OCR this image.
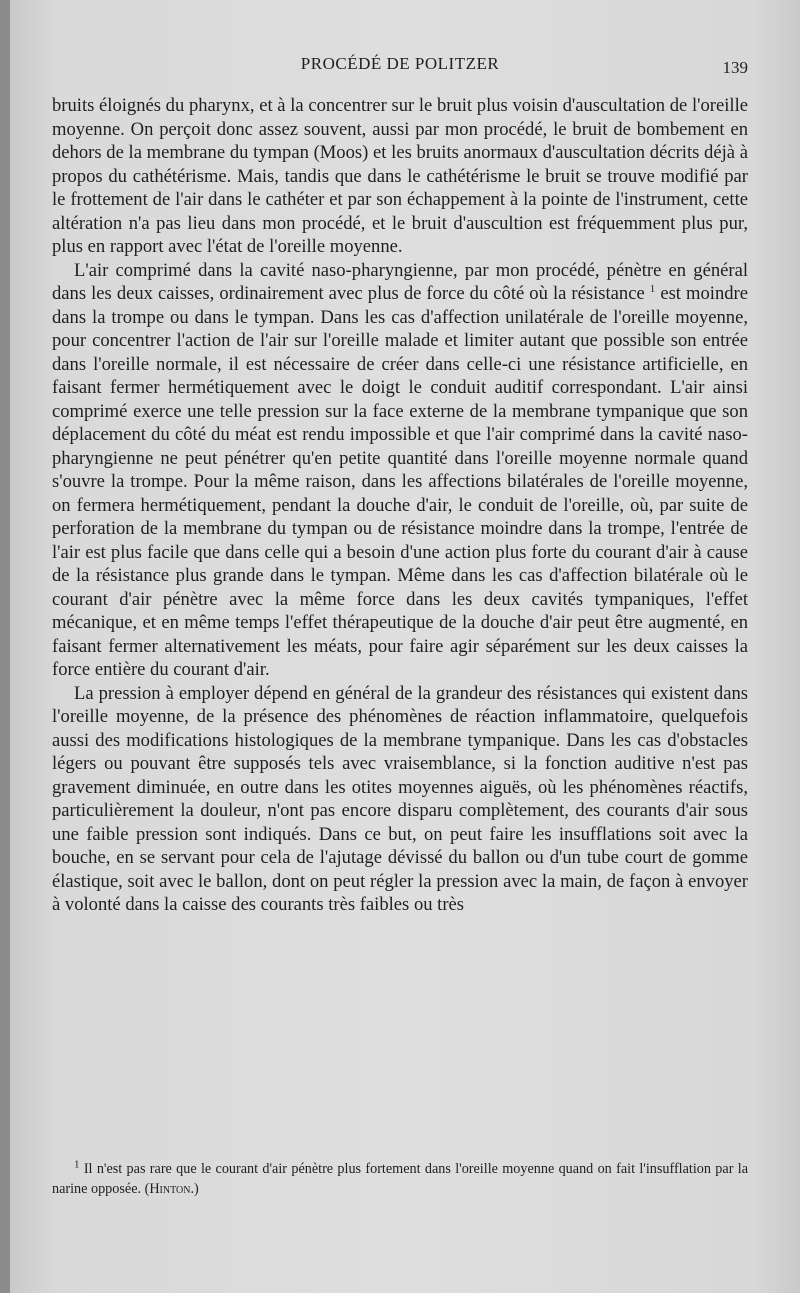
PROCÉDÉ DE POLITZER	139

bruits éloignés du pharynx, et à la concentrer sur le bruit plus voisin d'auscultation de l'oreille moyenne. On perçoit donc assez souvent, aussi par mon procédé, le bruit de bombement en dehors de la membrane du tympan (Moos) et les bruits anormaux d'auscultation décrits déjà à propos du cathétérisme. Mais, tandis que dans le cathétérisme le bruit se trouve modifié par le frottement de l'air dans le cathéter et par son échappement à la pointe de l'instrument, cette altération n'a pas lieu dans mon procédé, et le bruit d'auscultion est fréquemment plus pur, plus en rapport avec l'état de l'oreille moyenne.

L'air comprimé dans la cavité naso-pharyngienne, par mon procédé, pénètre en général dans les deux caisses, ordinairement avec plus de force du côté où la résistance $^1$ est moindre dans la trompe ou dans le tympan. Dans les cas d'affection unilatérale de l'oreille moyenne, pour concentrer l'action de l'air sur l'oreille malade et limiter autant que possible son entrée dans l'oreille normale, il est nécessaire de créer dans celle-ci une résistance artificielle, en faisant fermer hermétiquement avec le doigt le conduit auditif correspondant. L'air ainsi comprimé exerce une telle pression sur la face externe de la membrane tympanique que son déplacement du côté du méat est rendu impossible et que l'air comprimé dans la cavité naso-pharyngienne ne peut pénétrer qu'en petite quantité dans l'oreille moyenne normale quand s'ouvre la trompe. Pour la même raison, dans les affections bilatérales de l'oreille moyenne, on fermera hermétiquement, pendant la douche d'air, le conduit de l'oreille, où, par suite de perforation de la membrane du tympan ou de résistance moindre dans la trompe, l'entrée de l'air est plus facile que dans celle qui a besoin d'une action plus forte du courant d'air à cause de la résistance plus grande dans le tympan. Même dans les cas d'affection bilatérale où le courant d'air pénètre avec la même force dans les deux cavités tympaniques, l'effet mécanique, et en même temps l'effet thérapeutique de la douche d'air peut être augmenté, en faisant fermer alternativement les méats, pour faire agir séparément sur les deux caisses la force entière du courant d'air.

La pression à employer dépend en général de la grandeur des résistances qui existent dans l'oreille moyenne, de la présence des phénomènes de réaction inflammatoire, quelquefois aussi des modifications histologiques de la membrane tympanique. Dans les cas d'obstacles légers ou pouvant être supposés tels avec vraisemblance, si la fonction auditive n'est pas gravement diminuée, en outre dans les otites moyennes aiguës, où les phénomènes réactifs, particulièrement la douleur, n'ont pas encore disparu complètement, des courants d'air sous une faible pression sont indiqués. Dans ce but, on peut faire les insufflations soit avec la bouche, en se servant pour cela de l'ajutage dévissé du ballon ou d'un tube court de gomme élastique, soit avec le ballon, dont on peut régler la pression avec la main, de façon à envoyer à volonté dans la caisse des courants très faibles ou très

$^1$ Il n'est pas rare que le courant d'air pénètre plus fortement dans l'oreille moyenne quand on fait l'insufflation par la narine opposée. (Hinton.)
